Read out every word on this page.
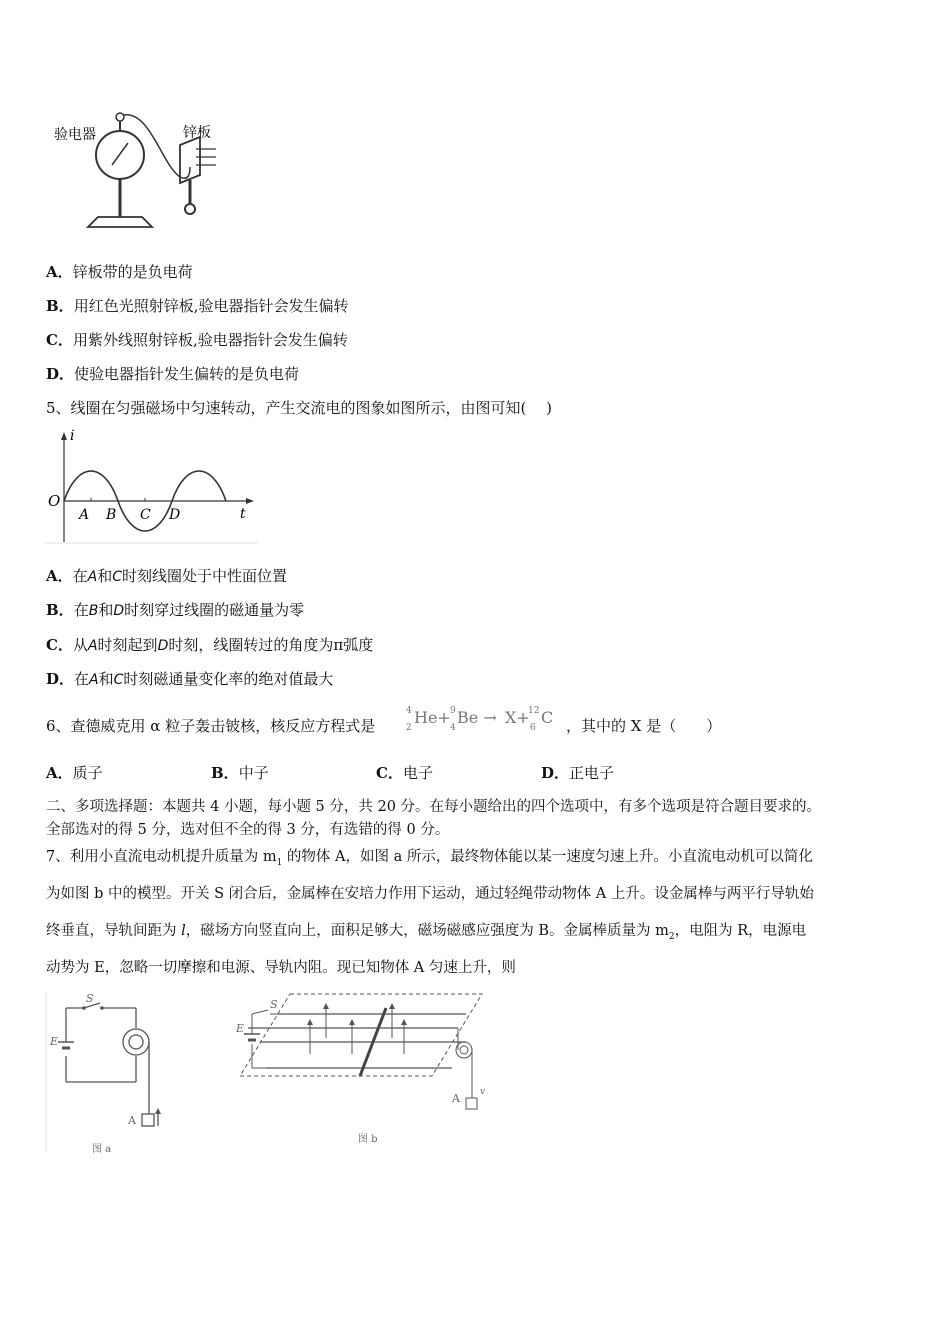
验电器	锌板
A．锌板带的是负电荷
B．用红色光照射锌板,验电器指针会发生偏转
C．用紫外线照射锌板,验电器指针会发生偏转
D．使验电器指针发生偏转的是负电荷
5、线圈在匀强磁场中匀速转动，产生交流电的图象如图所示，由图可知(　 )
i
t
O
A B C D
A．在A和C时刻线圈处于中性面位置
B．在B和D时刻穿过线圈的磁通量为零
C．从A时刻起到D时刻，线圈转过的角度为π弧度
D．在A和C时刻磁通量变化率的绝对值最大
6、查德威克用 α 粒子轰击铍核，核反应方程式是
4
2
He+ 9
4
Be → X+
12
6
C ，其中的 X 是（　　）
A．质子	B．中子	C．电子	D．正电子
二、多项选择题：本题共 4 小题，每小题 5 分，共 20 分。在每小题给出的四个选项中，有多个选项是符合题目要求的。
全部选对的得 5 分，选对但不全的得 3 分，有选错的得 0 分。
7、利用小直流电动机提升质量为 $m_1$ 的物体 A，如图 a 所示，最终物体能以某一速度匀速上升。小直流电动机可以简化
为如图 b 中的模型。开关 S 闭合后，金属棒在安培力作用下运动，通过轻绳带动物体 A 上升。设金属棒与两平行导轨始
终垂直，导轨间距为 l，磁场方向竖直向上，面积足够大，磁场磁感应强度为 B。金属棒质量为 $m_2$，电阻为 R，电源电
动势为 E，忽略一切摩擦和电源、导轨内阻。现已知物体 A 匀速上升，则
S
E
A
图 a
S
E
A v
图 b
